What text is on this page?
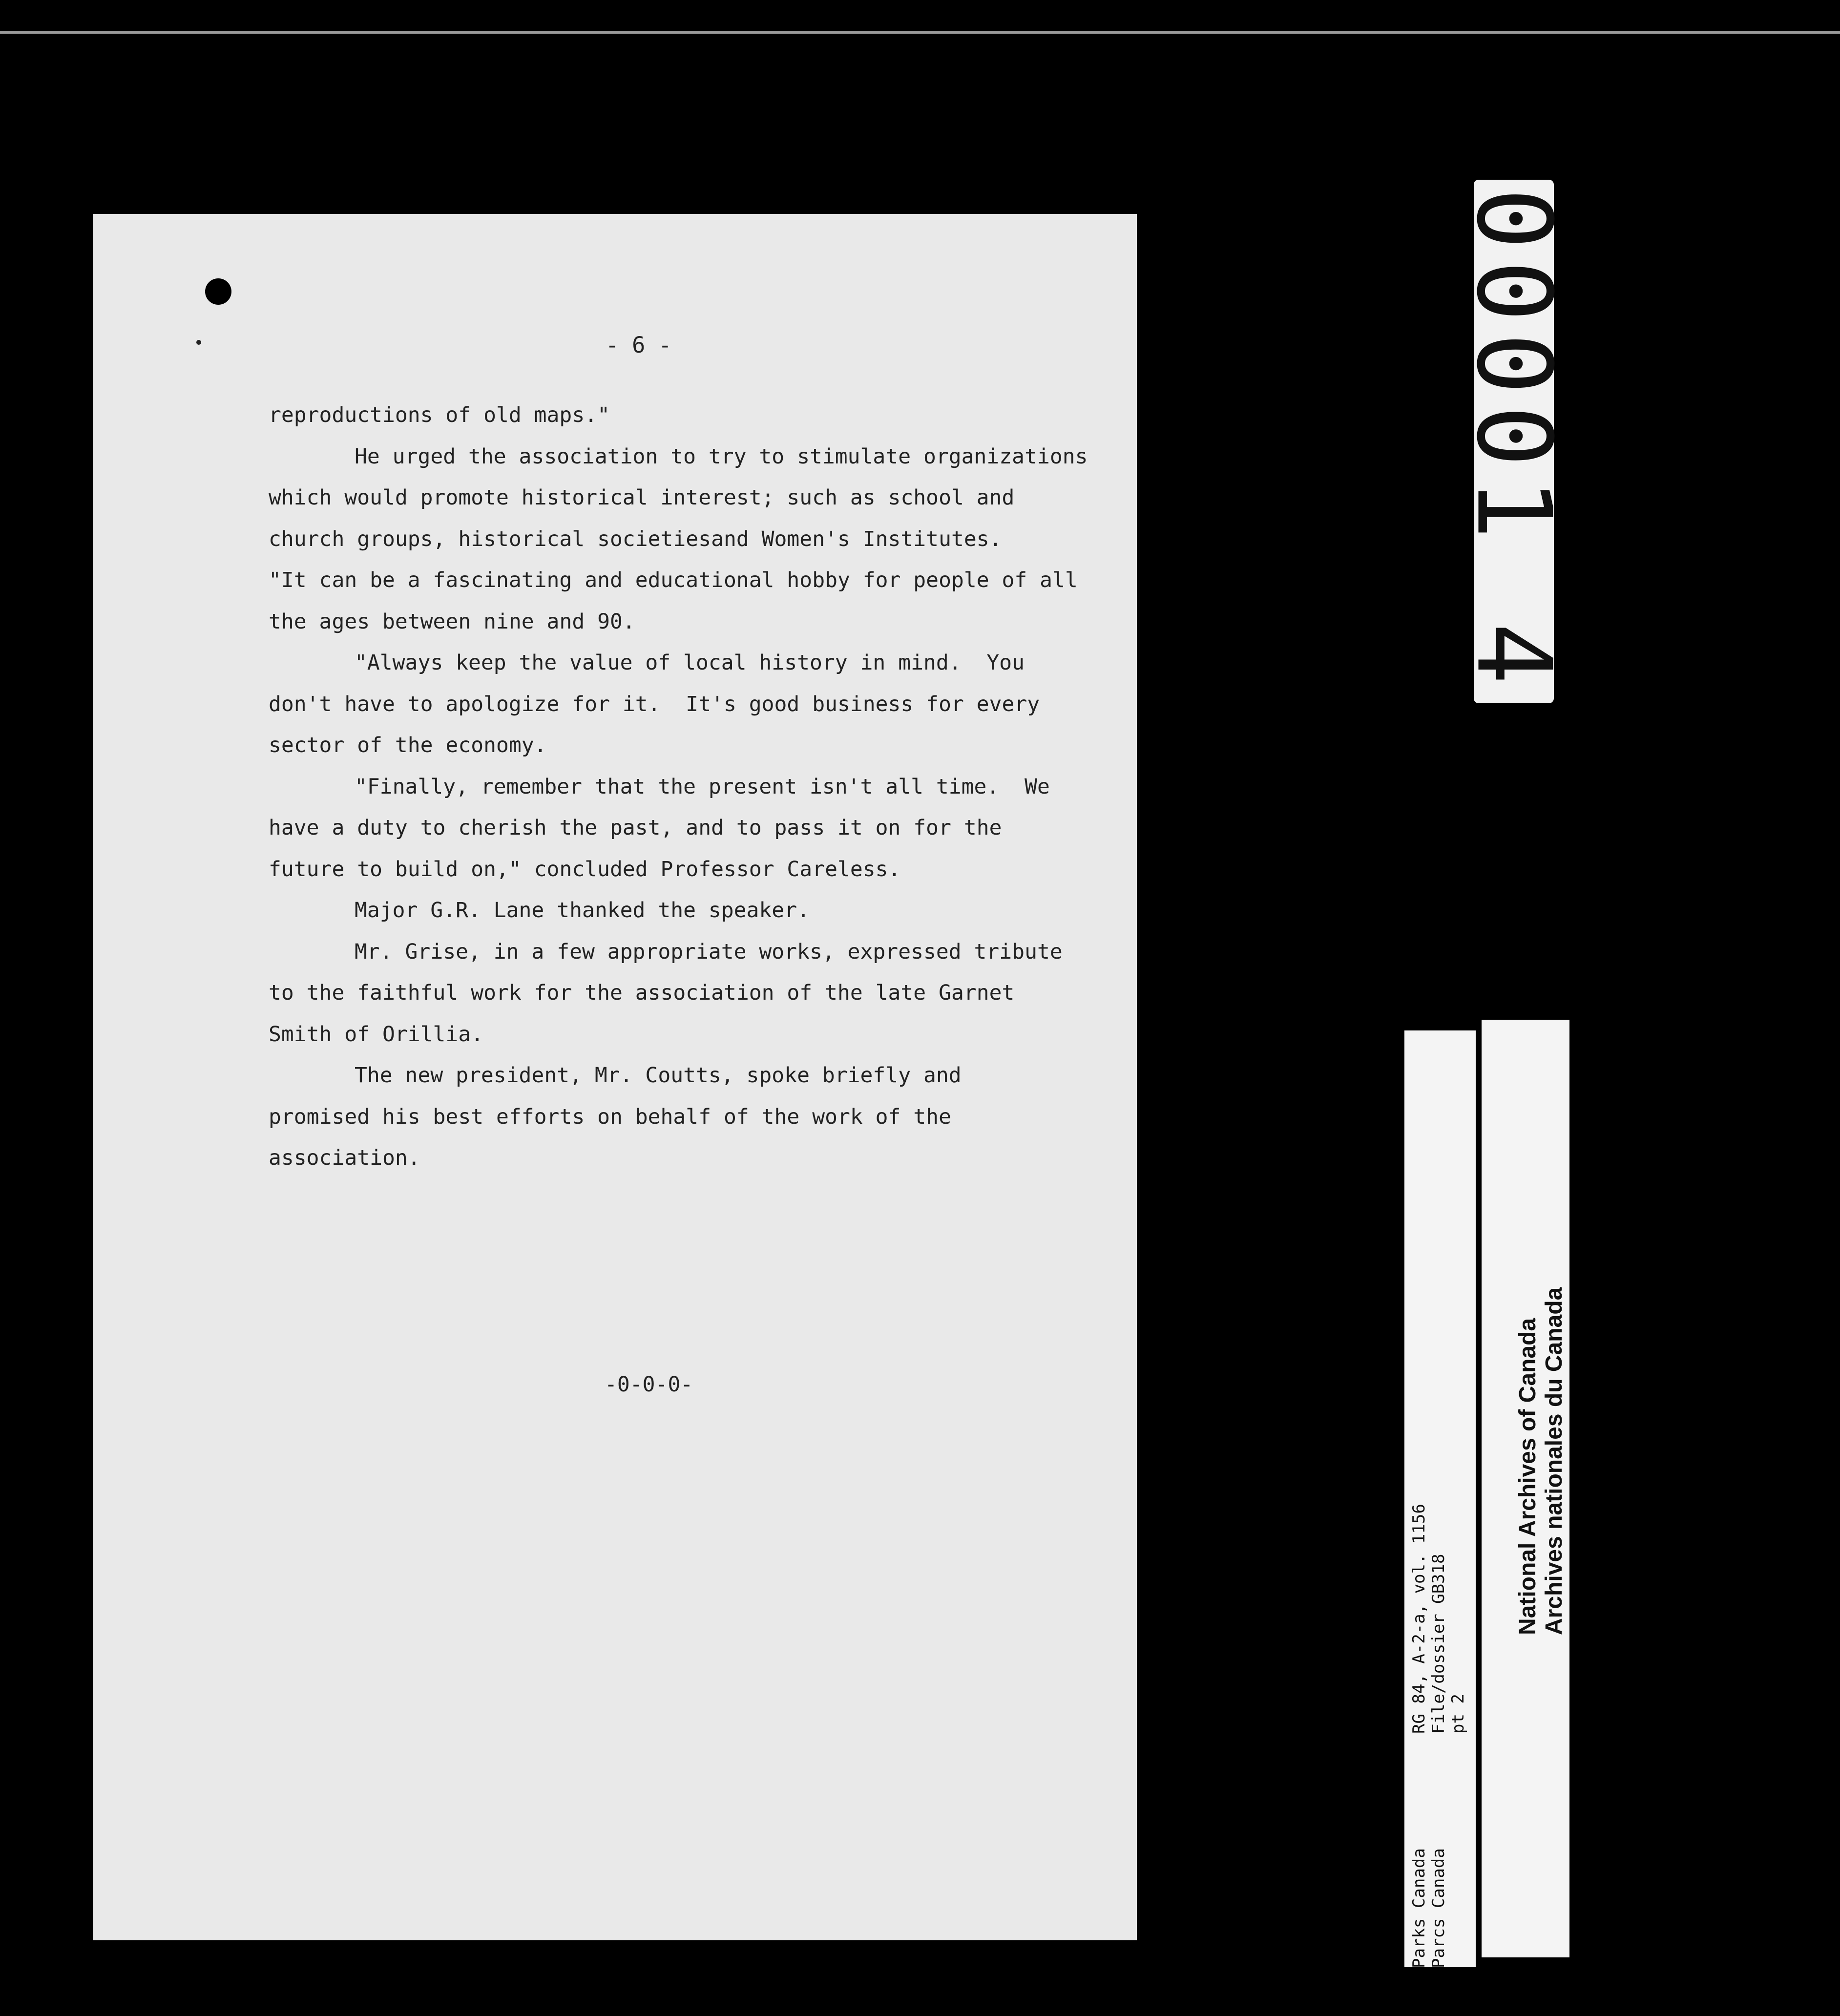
- 6 -
reproductions of old maps."
He urged the association to try to stimulate organizations
which would promote historical interest; such as school and
church groups, historical societiesand Women's Institutes.
"It can be a fascinating and educational hobby for people of all
the ages between nine and 90.
"Always keep the value of local history in mind.  You
don't have to apologize for it.  It's good business for every
sector of the economy.
"Finally, remember that the present isn't all time.  We
have a duty to cherish the past, and to pass it on for the
future to build on," concluded Professor Careless.
Major G.R. Lane thanked the speaker.
Mr. Grise, in a few appropriate works, expressed tribute
to the faithful work for the association of the late Garnet
Smith of Orillia.
The new president, Mr. Coutts, spoke briefly and
promised his best efforts on behalf of the work of the
association.
-0-0-0-
00001 4
RG 84, A-2-a, vol. 1156 File/dossier GB318 pt 2
Parks Canada Parcs Canada
National Archives of Canada Archives nationales du Canada
